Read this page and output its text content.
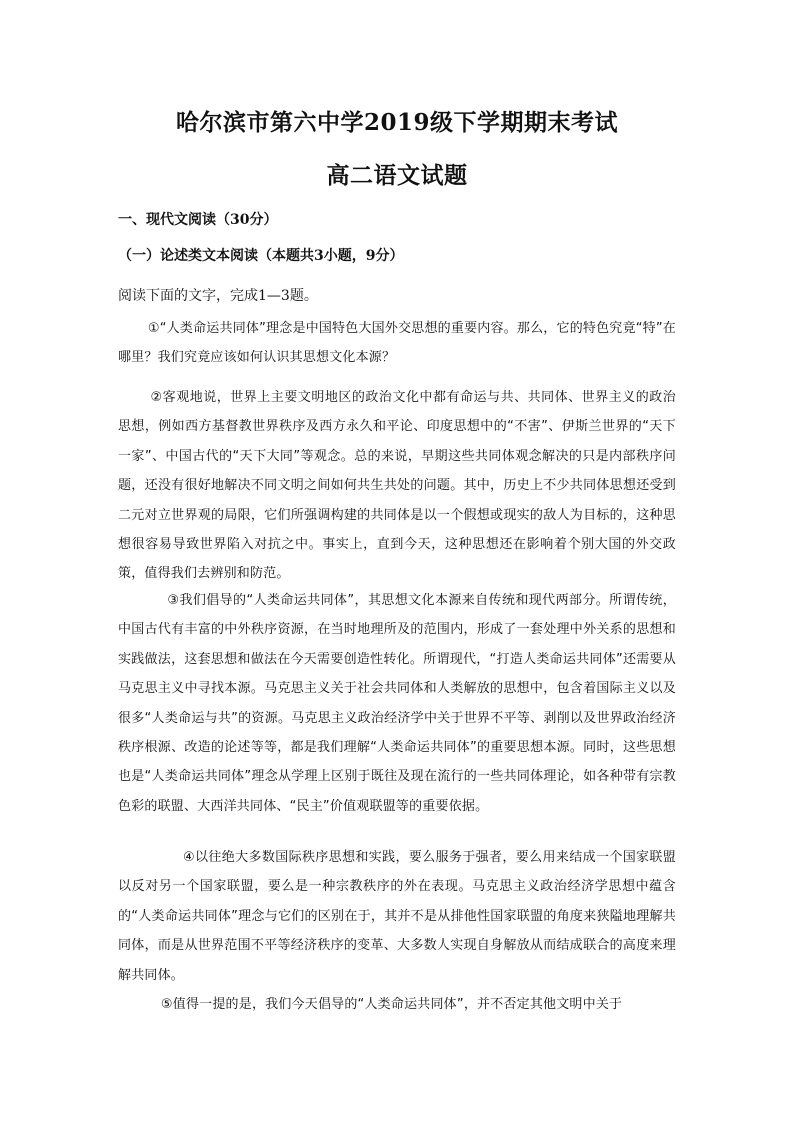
哈尔滨市第六中学2019级下学期期末考试
高二语文试题

一、现代文阅读（30分）

（一）论述类文本阅读（本题共3小题，9分）

阅读下面的文字，完成1—3题。

①“人类命运共同体”理念是中国特色大国外交思想的重要内容。那么，它的特色究竟“特”在哪里？我们究竟应该如何认识其思想文化本源？

②客观地说，世界上主要文明地区的政治文化中都有命运与共、共同体、世界主义的政治思想，例如西方基督教世界秩序及西方永久和平论、印度思想中的“不害”、伊斯兰世界的“天下一家”、中国古代的“天下大同”等观念。总的来说，早期这些共同体观念解决的只是内部秩序问题，还没有很好地解决不同文明之间如何共生共处的问题。其中，历史上不少共同体思想还受到二元对立世界观的局限，它们所强调构建的共同体是以一个假想或现实的敌人为目标的，这种思想很容易导致世界陷入对抗之中。事实上，直到今天，这种思想还在影响着个别大国的外交政策，值得我们去辨别和防范。

③我们倡导的“人类命运共同体”，其思想文化本源来自传统和现代两部分。所谓传统，中国古代有丰富的中外秩序资源，在当时地理所及的范围内，形成了一套处理中外关系的思想和实践做法，这套思想和做法在今天需要创造性转化。所谓现代，“打造人类命运共同体”还需要从马克思主义中寻找本源。马克思主义关于社会共同体和人类解放的思想中，包含着国际主义以及很多“人类命运与共”的资源。马克思主义政治经济学中关于世界不平等、剥削以及世界政治经济秩序根源、改造的论述等等，都是我们理解“人类命运共同体”的重要思想本源。同时，这些思想也是“人类命运共同体”理念从学理上区别于既往及现在流行的一些共同体理论，如各种带有宗教色彩的联盟、大西洋共同体、“民主”价值观联盟等的重要依据。

④以往绝大多数国际秩序思想和实践，要么服务于强者，要么用来结成一个国家联盟以反对另一个国家联盟，要么是一种宗教秩序的外在表现。马克思主义政治经济学思想中蕴含的“人类命运共同体”理念与它们的区别在于，其并不是从排他性国家联盟的角度来狭隘地理解共同体，而是从世界范围不平等经济秩序的变革、大多数人实现自身解放从而结成联合的高度来理解共同体。

⑤值得一提的是，我们今天倡导的“人类命运共同体”，并不否定其他文明中关于
